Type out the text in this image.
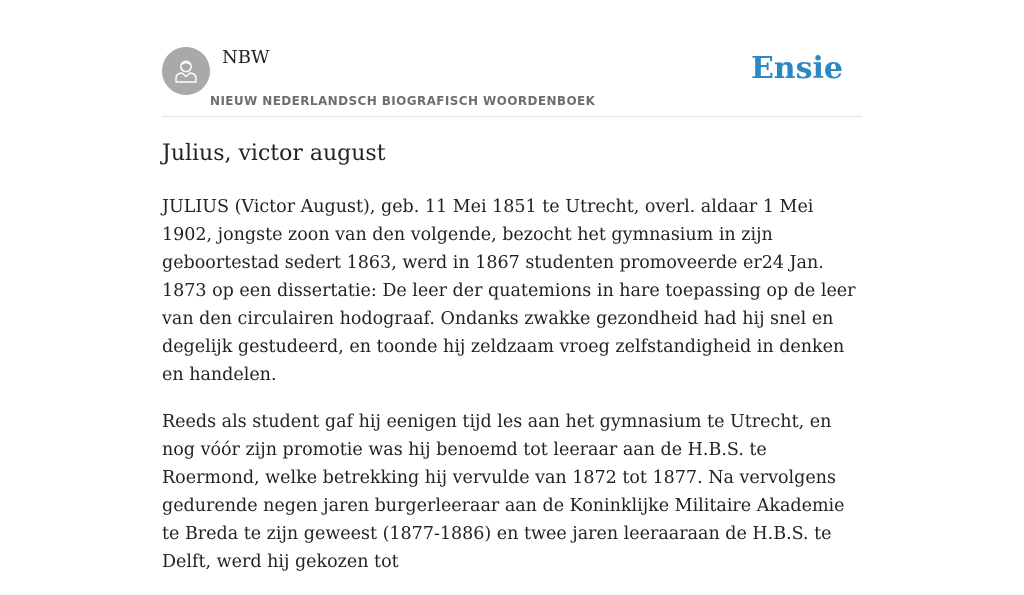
NBW
NIEUW NEDERLANDSCH BIOGRAFISCH WOORDENBOEK
Ensie
Julius, victor august

JULIUS (Victor August), geb. 11 Mei 1851 te Utrecht, overl. aldaar 1 Mei 1902, jongste zoon van den volgende, bezocht het gymnasium in zijn geboortestad sedert 1863, werd in 1867 studenten promoveerde er24 Jan. 1873 op een dissertatie: De leer der quatemions in hare toepassing op de leer van den circulairen hodograaf. Ondanks zwakke gezondheid had hij snel en degelijk gestudeerd, en toonde hij zeldzaam vroeg zelfstandigheid in denken en handelen.

Reeds als student gaf hij eenigen tijd les aan het gymnasium te Utrecht, en nog vóór zijn promotie was hij benoemd tot leeraar aan de H.B.S. te Roermond, welke betrekking hij vervulde van 1872 tot 1877. Na vervolgens gedurende negen jaren burgerleeraar aan de Koninklijke Militaire Akademie te Breda te zijn geweest (1877-1886) en twee jaren leeraaraan de H.B.S. te Delft, werd hij gekozen tot
